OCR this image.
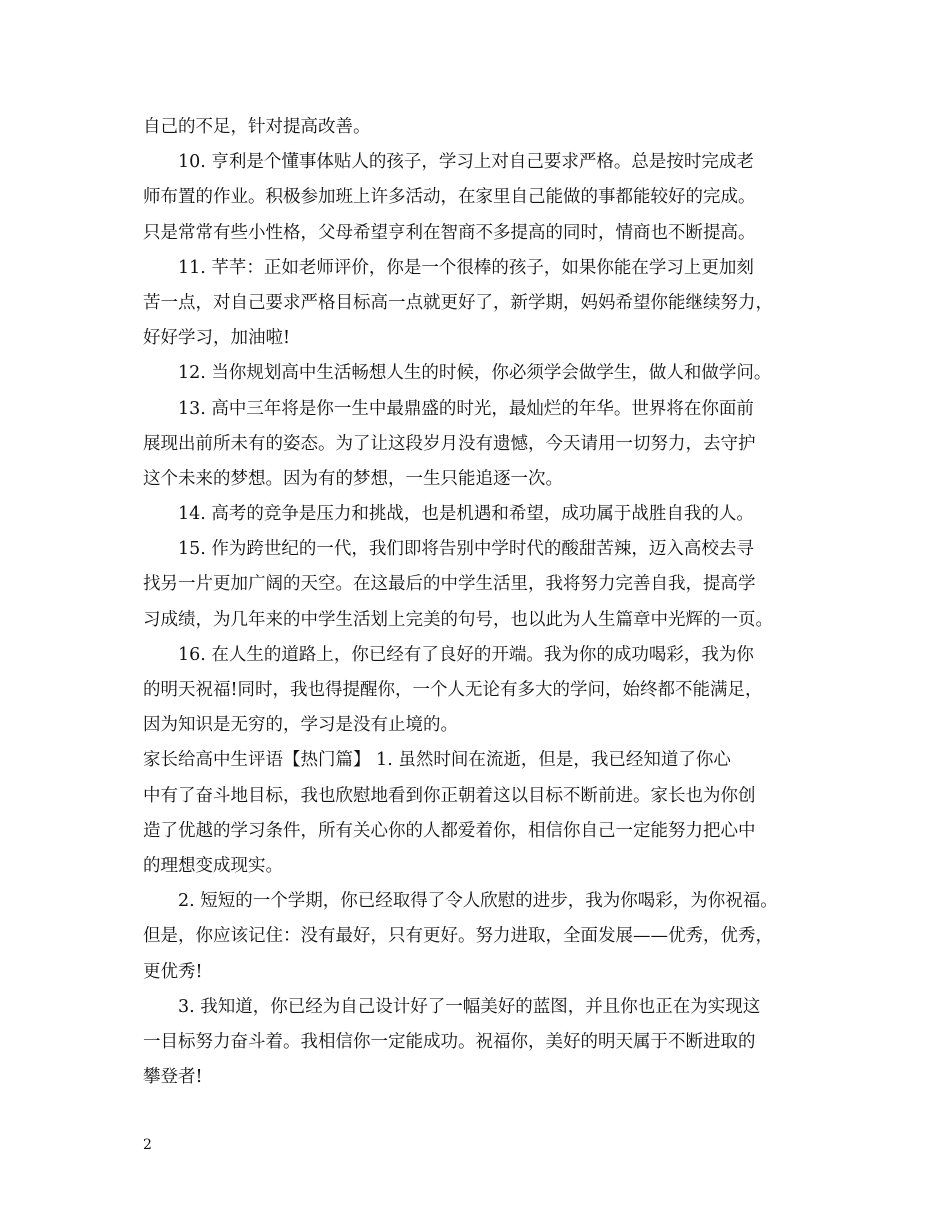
自己的不足，针对提高改善。
10. 亨利是个懂事体贴人的孩子，学习上对自己要求严格。总是按时完成老
师布置的作业。积极参加班上许多活动，在家里自己能做的事都能较好的完成。
只是常常有些小性格，父母希望亨利在智商不多提高的同时，情商也不断提高。
11. 芊芊：正如老师评价，你是一个很棒的孩子，如果你能在学习上更加刻
苦一点，对自己要求严格目标高一点就更好了，新学期，妈妈希望你能继续努力，
好好学习，加油啦!
12. 当你规划高中生活畅想人生的时候，你必须学会做学生，做人和做学问。
13. 高中三年将是你一生中最鼎盛的时光，最灿烂的年华。世界将在你面前
展现出前所未有的姿态。为了让这段岁月没有遗憾，今天请用一切努力，去守护
这个未来的梦想。因为有的梦想，一生只能追逐一次。
14. 高考的竞争是压力和挑战，也是机遇和希望，成功属于战胜自我的人。
15. 作为跨世纪的一代，我们即将告别中学时代的酸甜苦辣，迈入高校去寻
找另一片更加广阔的天空。在这最后的中学生活里，我将努力完善自我，提高学
习成绩，为几年来的中学生活划上完美的句号，也以此为人生篇章中光辉的一页。
16. 在人生的道路上，你已经有了良好的开端。我为你的成功喝彩，我为你
的明天祝福!同时，我也得提醒你，一个人无论有多大的学问，始终都不能满足，
因为知识是无穷的，学习是没有止境的。
家长给高中生评语【热门篇】 1. 虽然时间在流逝，但是，我已经知道了你心
中有了奋斗地目标，我也欣慰地看到你正朝着这以目标不断前进。家长也为你创
造了优越的学习条件，所有关心你的人都爱着你，相信你自己一定能努力把心中
的理想变成现实。
2. 短短的一个学期，你已经取得了令人欣慰的进步，我为你喝彩，为你祝福。
但是，你应该记住：没有最好，只有更好。努力进取，全面发展——优秀，优秀，
更优秀!
3. 我知道，你已经为自己设计好了一幅美好的蓝图，并且你也正在为实现这
一目标努力奋斗着。我相信你一定能成功。祝福你，美好的明天属于不断进取的
攀登者!
2
